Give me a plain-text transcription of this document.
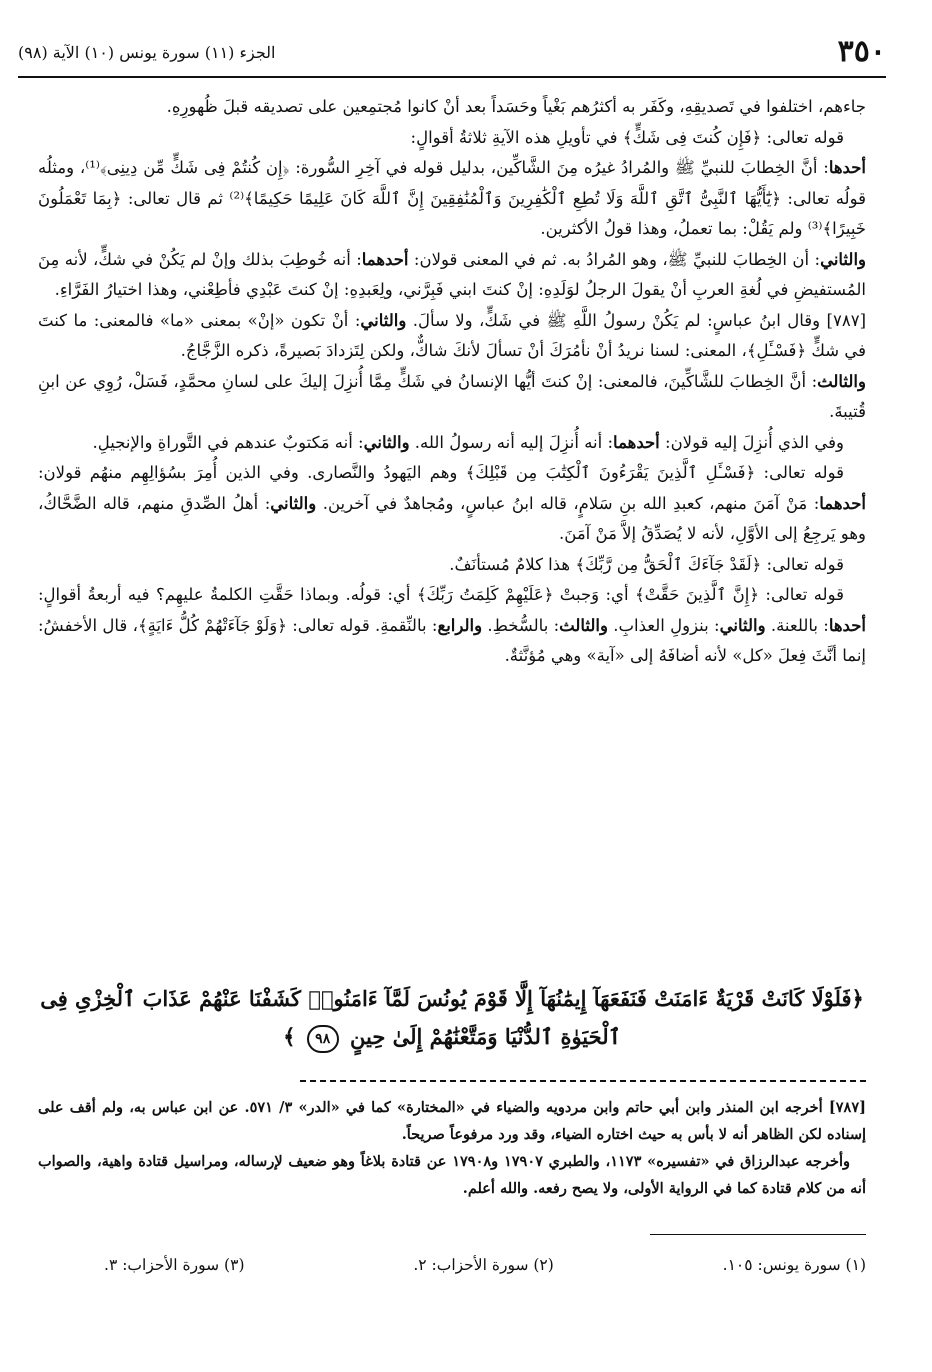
٣٥٠
الجزء (١١) سورة يونس (١٠) الآية (٩٨)

جاءهم، اختلفوا في تَصديقِهِ، وكَفَر به أكثرُهم بَغْياً وحَسَداً بعد أنْ كانوا مُجتمِعين على تصديقه قبلَ ظُهورِهِ.

قوله تعالى: ﴿فَإِن كُنتَ فِى شَكٍّ﴾ في تأويلِ هذه الآيةِ ثلاثةُ أقوالٍ:

أحدها: أنَّ الخِطابَ للنبيِّ ﷺ والمُرادُ غيرُه مِنَ الشَّاكِّين، بدليل قوله في آخِرِ السُّورة: ﴿إِن كُنتُمْ فِى شَكٍّ مِّن دِينِى﴾⁽¹⁾، ومثلُه قولُه تعالى: ﴿يَٰٓأَيُّهَا ٱلنَّبِىُّ ٱتَّقِ ٱللَّهَ وَلَا تُطِعِ ٱلْكَٰفِرِينَ وَٱلْمُنَٰفِقِينَ إِنَّ ٱللَّهَ كَانَ عَلِيمًا حَكِيمًا﴾⁽²⁾ ثم قال تعالى: ﴿بِمَا تَعْمَلُونَ خَبِيرًا﴾⁽³⁾ ولم يَقُلْ: بما تعملُ، وهذا قولُ الأكثرين.

والثاني: أن الخِطابَ للنبيِّ ﷺ، وهو المُرادُ به. ثم في المعنى قولان: أحدهما: أنه خُوطِبَ بذلك وإنْ لم يَكُنْ في شكٍّ، لأنه مِنَ المُستفيضِ في لُغةِ العربِ أنْ يقولَ الرجلُ لوَلَدِهِ: إنْ كنتَ ابني فَبِرَّني، ولِعَبدِهِ: إنْ كنتَ عَبْدِي فأطِعْني، وهذا اختيارُ الفَرَّاءِ.

[٧٨٧] وقال ابنُ عباسٍ: لم يَكُنْ رسولُ اللَّهِ ﷺ في شَكٍّ، ولا سألَ. والثاني: أنْ تكون «إنْ» بمعنى «ما» فالمعنى: ما كنتَ في شكٍّ ﴿فَسْـَٔلِ﴾، المعنى: لسنا نريدُ أنْ نأمُرَكَ أنْ تسألَ لأنكَ شاكٌّ، ولكن لِتَزدادَ بَصيرةً، ذكره الزَّجَّاجُ.

والثالث: أنَّ الخِطابَ للشَّاكِّينَ، فالمعنى: إنْ كنتَ أيُّها الإنسانُ في شَكٍّ مِمَّا أُنزِلَ إليكَ على لسانِ محمَّدٍ، فَسَلْ، رُوِي عن ابنِ قُتيبةَ.

وفي الذي أُنزِلَ إليه قولان: أحدهما: أنه أُنزِلَ إليه أنه رسولُ الله. والثاني: أنه مَكتوبٌ عندهم في التَّوراةِ والإنجيلِ.

قوله تعالى: ﴿فَسْـَٔلِ ٱلَّذِينَ يَقْرَءُونَ ٱلْكِتَٰبَ مِن قَبْلِكَ﴾ وهم اليَهودُ والنَّصارى. وفي الذين أُمِرَ بسُؤالِهِم منهُم قولان: أحدهما: مَنْ آمَنَ منهم، كعبدِ الله بنِ سَلامٍ، قاله ابنُ عباسٍ، ومُجاهدٌ في آخرين. والثاني: أهلُ الصِّدقِ منهم، قاله الضَّحَّاكُ، وهو يَرجِعُ إلى الأوَّلِ، لأنه لا يُصَدِّقُ إلاَّ مَنْ آمَنَ.

قوله تعالى: ﴿لَقَدْ جَآءَكَ ٱلْحَقُّ مِن رَّبِّكَ﴾ هذا كلامٌ مُستأنَفٌ.

قوله تعالى: ﴿إِنَّ ٱلَّذِينَ حَقَّتْ﴾ أي: وَجبتْ ﴿عَلَيْهِمْ كَلِمَتُ رَبِّكَ﴾ أي: قولُه. وبماذا حَقَّتِ الكلمةُ عليهِم؟ فيه أربعةُ أقوالٍ: أحدها: باللعنة. والثاني: بنزولِ العذابِ. والثالث: بالسُّخطِ. والرابع: بالنِّقمةِ. قوله تعالى: ﴿وَلَوْ جَآءَتْهُمْ كُلُّ ءَايَةٍ﴾، قال الأخفشُ: إنما أنَّثَ فِعلَ «كل» لأنه أضافَهُ إلى «آية» وهي مُؤنَّثةٌ.

﴿فَلَوْلَا كَانَتْ قَرْيَةٌ ءَامَنَتْ فَنَفَعَهَآ إِيمَٰنُهَآ إِلَّا قَوْمَ يُونُسَ لَمَّآ ءَامَنُوا۟ كَشَفْنَا عَنْهُمْ عَذَابَ ٱلْخِزْىِ فِى ٱلْحَيَوٰةِ ٱلدُّنْيَا وَمَتَّعْنَٰهُمْ إِلَىٰ حِينٍ ٩٨ ﴾

[٧٨٧] أخرجه ابن المنذر وابن أبي حاتم وابن مردويه والضياء في «المختارة» كما في «الدر» ٣/ ٥٧١. عن ابن عباس به، ولم أقف على إسناده لكن الظاهر أنه لا بأس به حيث اختاره الضياء، وقد ورد مرفوعاً صريحاً.

وأخرجه عبدالرزاق في «تفسيره» ١١٧٣، والطبري ١٧٩٠٧ و١٧٩٠٨ عن قتادة بلاغاً وهو ضعيف لإرساله، ومراسيل قتادة واهية، والصواب أنه من كلام قتادة كما في الرواية الأولى، ولا يصح رفعه. والله أعلم.

(١) سورة يونس: ١٠٥.
(٢) سورة الأحزاب: ٢.
(٣) سورة الأحزاب: ٣.
